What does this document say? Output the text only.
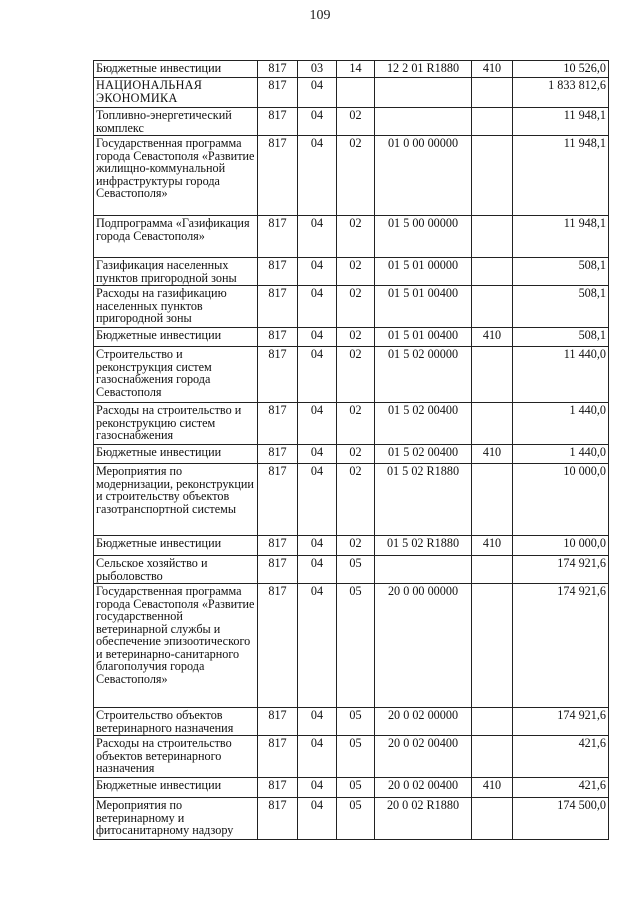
109
Бюджетные инвестиции	817	03	14	12 2 01 R1880	410	10 526,0
НАЦИОНАЛЬНАЯ ЭКОНОМИКА	817	04				1 833 812,6
Топливно-энергетический комплекс	817	04	02			11 948,1
Государственная программа города Севастополя «Развитие жилищно-коммунальной инфраструктуры города Севастополя»	817	04	02	01 0 00 00000		11 948,1
Подпрограмма «Газификация города Севастополя»	817	04	02	01 5 00 00000		11 948,1
Газификация населенных пунктов пригородной зоны	817	04	02	01 5 01 00000		508,1
Расходы на газификацию населенных пунктов пригородной зоны	817	04	02	01 5 01 00400		508,1
Бюджетные инвестиции	817	04	02	01 5 01 00400	410	508,1
Строительство и реконструкция систем газоснабжения города Севастополя	817	04	02	01 5 02 00000		11 440,0
Расходы на строительство и реконструкцию систем газоснабжения	817	04	02	01 5 02 00400		1 440,0
Бюджетные инвестиции	817	04	02	01 5 02 00400	410	1 440,0
Мероприятия по модернизации, реконструкции и строительству объектов газотранспортной системы	817	04	02	01 5 02 R1880		10 000,0
Бюджетные инвестиции	817	04	02	01 5 02 R1880	410	10 000,0
Сельское хозяйство и рыболовство	817	04	05			174 921,6
Государственная программа города Севастополя «Развитие государственной ветеринарной службы и обеспечение эпизоотического и ветеринарно-санитарного благополучия города Севастополя»	817	04	05	20 0 00 00000		174 921,6
Строительство объектов ветеринарного назначения	817	04	05	20 0 02 00000		174 921,6
Расходы на строительство объектов ветеринарного назначения	817	04	05	20 0 02 00400		421,6
Бюджетные инвестиции	817	04	05	20 0 02 00400	410	421,6
Мероприятия по ветеринарному и фитосанитарному надзору	817	04	05	20 0 02 R1880		174 500,0
